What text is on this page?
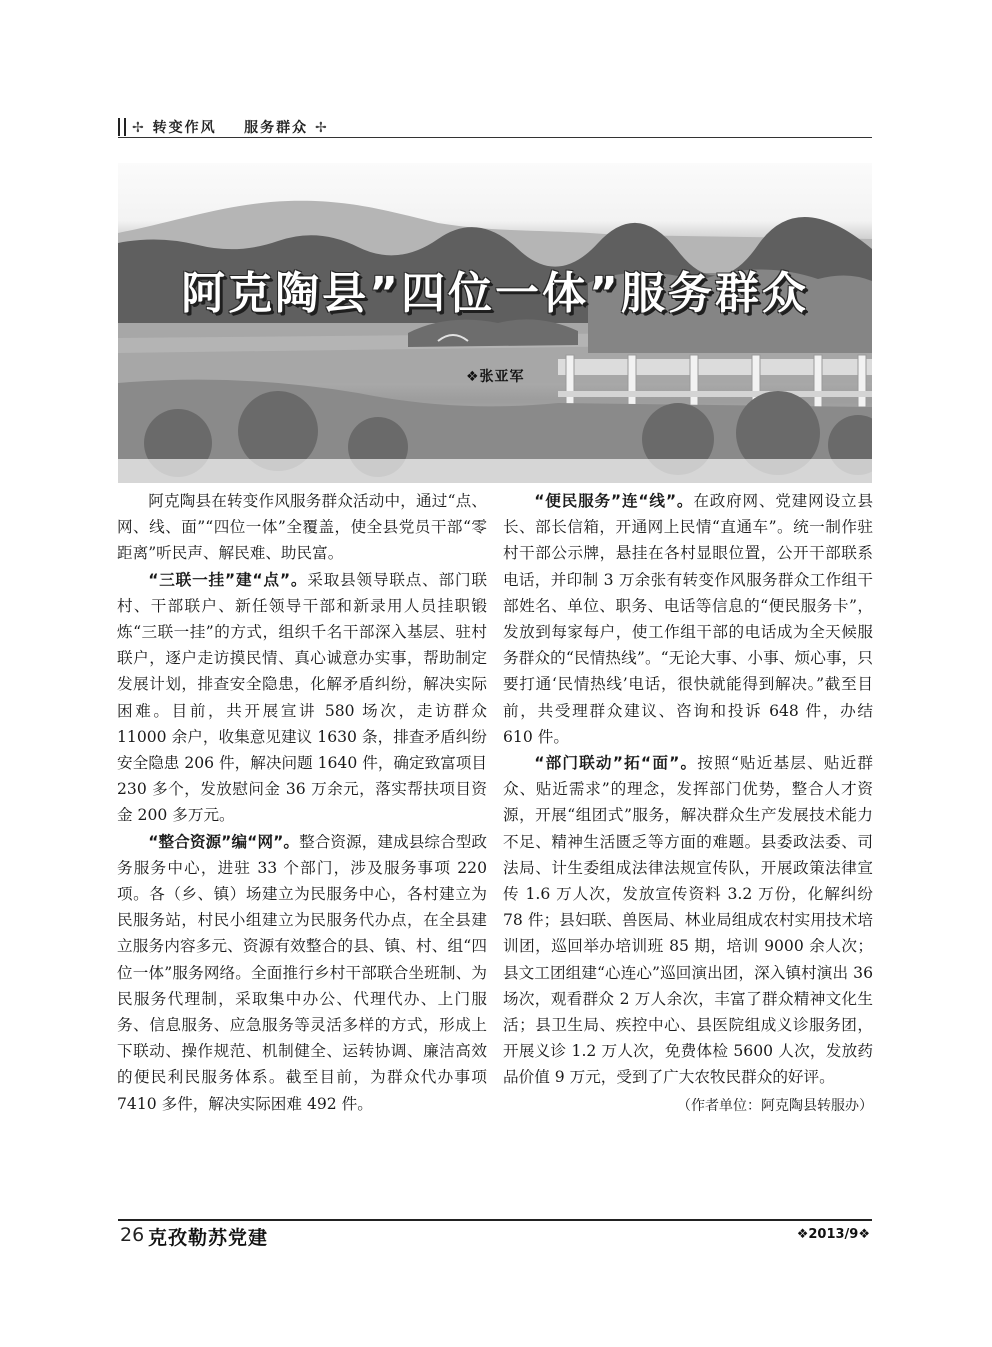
✢ 转变作风 服务群众 ✢
阿克陶县”四位一体”服务群众
❖张亚军

阿克陶县在转变作风服务群众活动中，通过“点、网、线、面”“四位一体”全覆盖，使全县党员干部“零距离”听民声、解民难、助民富。

“三联一挂”建“点”。采取县领导联点、部门联村、干部联户、新任领导干部和新录用人员挂职锻炼“三联一挂”的方式，组织千名干部深入基层、驻村联户，逐户走访摸民情、真心诚意办实事，帮助制定发展计划，排查安全隐患，化解矛盾纠纷，解决实际困难。目前，共开展宣讲 580 场次，走访群众 11000 余户，收集意见建议 1630 条，排查矛盾纠纷安全隐患 206 件，解决问题 1640 件，确定致富项目 230 多个，发放慰问金 36 万余元，落实帮扶项目资金 200 多万元。

“整合资源”编“网”。整合资源，建成县综合型政务服务中心，进驻 33 个部门，涉及服务事项 220 项。各（乡、镇）场建立为民服务中心，各村建立为民服务站，村民小组建立为民服务代办点，在全县建立服务内容多元、资源有效整合的县、镇、村、组“四位一体”服务网络。全面推行乡村干部联合坐班制、为民服务代理制，采取集中办公、代理代办、上门服务、信息服务、应急服务等灵活多样的方式，形成上下联动、操作规范、机制健全、运转协调、廉洁高效的便民利民服务体系。截至目前，为群众代办事项 7410 多件，解决实际困难 492 件。

“便民服务”连“线”。在政府网、党建网设立县长、部长信箱，开通网上民情“直通车”。统一制作驻村干部公示牌，悬挂在各村显眼位置，公开干部联系电话，并印制 3 万余张有转变作风服务群众工作组干部姓名、单位、职务、电话等信息的“便民服务卡”，发放到每家每户，使工作组干部的电话成为全天候服务群众的“民情热线”。“无论大事、小事、烦心事，只要打通‘民情热线’电话，很快就能得到解决。”截至目前，共受理群众建议、咨询和投诉 648 件，办结 610 件。

“部门联动”拓“面”。按照“贴近基层、贴近群众、贴近需求”的理念，发挥部门优势，整合人才资源，开展“组团式”服务，解决群众生产发展技术能力不足、精神生活匮乏等方面的难题。县委政法委、司法局、计生委组成法律法规宣传队，开展政策法律宣传 1.6 万人次，发放宣传资料 3.2 万份，化解纠纷 78 件；县妇联、兽医局、林业局组成农村实用技术培训团，巡回举办培训班 85 期，培训 9000 余人次；县文工团组建“心连心”巡回演出团，深入镇村演出 36 场次，观看群众 2 万人余次，丰富了群众精神文化生活；县卫生局、疾控中心、县医院组成义诊服务团，开展义诊 1.2 万人次，免费体检 5600 人次，发放药品价值 9 万元，受到了广大农牧民群众的好评。

（作者单位：阿克陶县转服办）

26 克孜勒苏党建	❖2013/9❖
